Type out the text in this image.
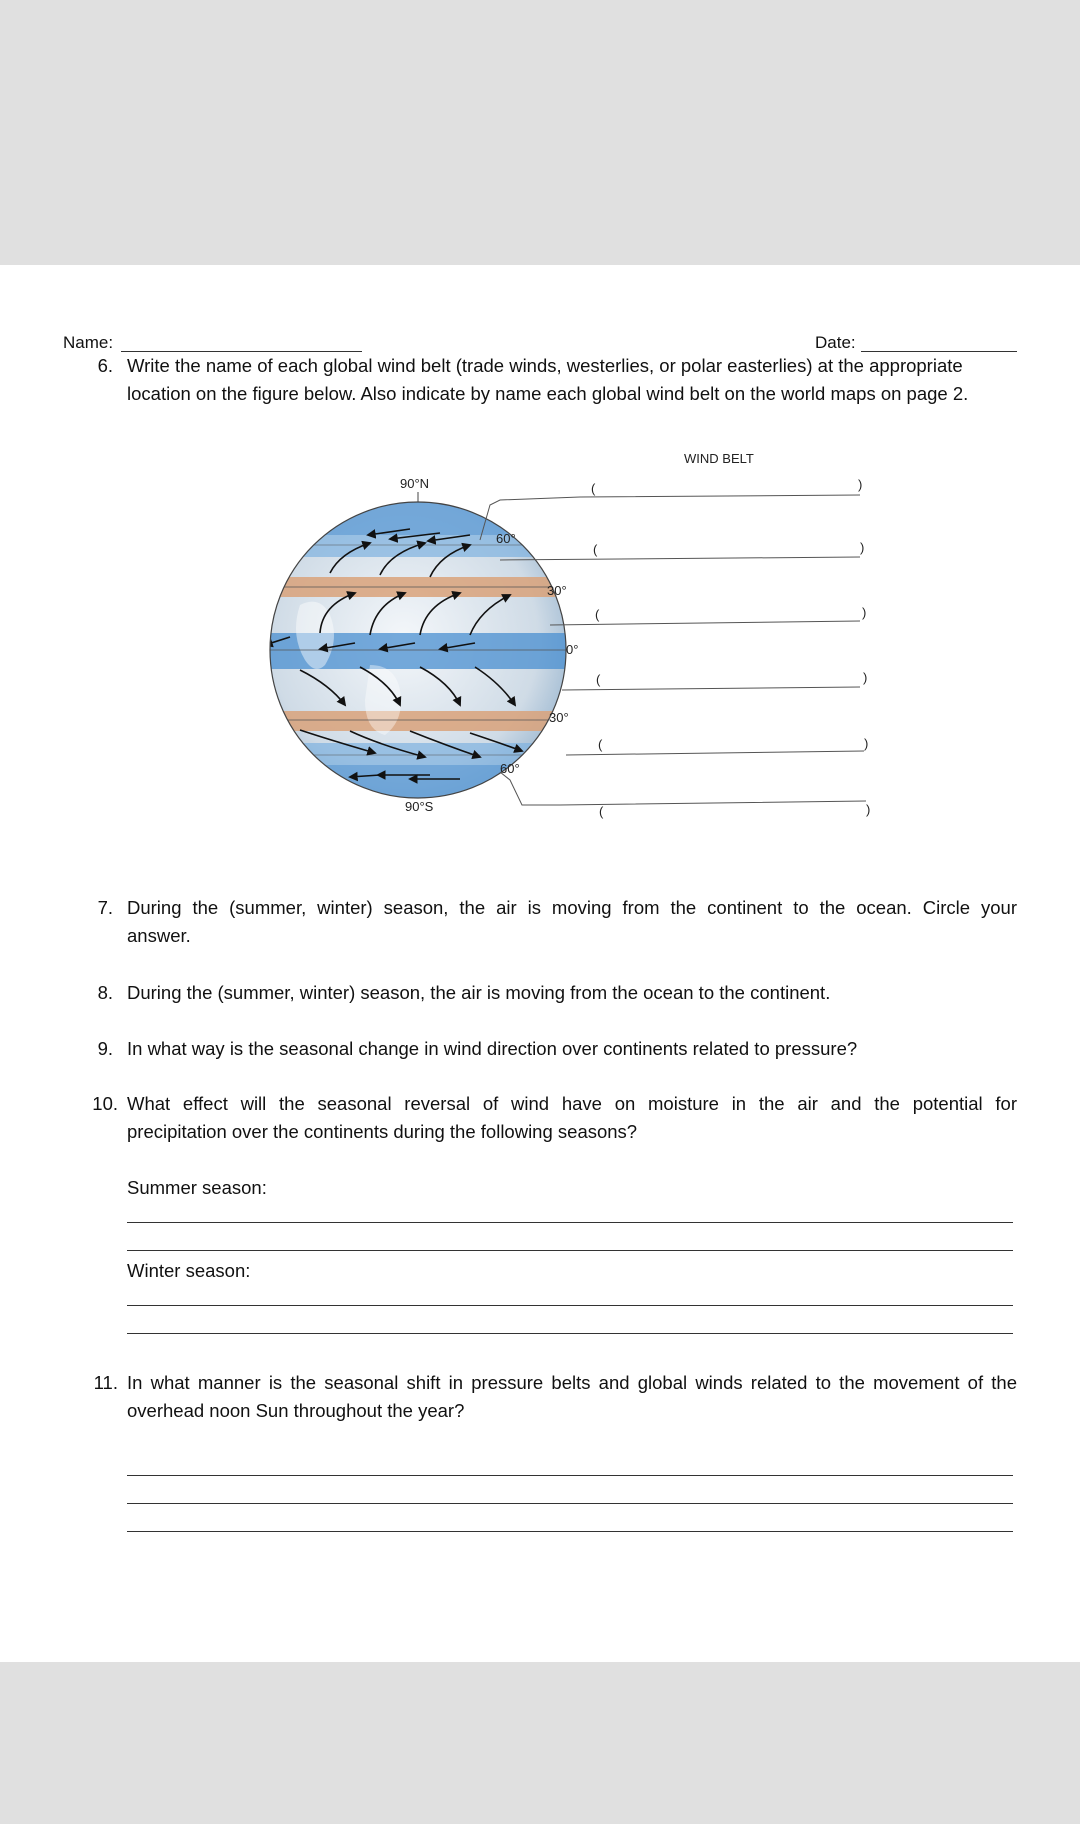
Name:	Date:
6. Write the name of each global wind belt (trade winds, westerlies, or polar easterlies) at the appropriate
location on the figure below. Also indicate by name each global wind belt on the world maps on page 2.
90°N
60°
30°
0°
30°
60°
90°S
WIND BELT
(	)
(	)
(	)
(	)
(	)
(	)
7. During the (summer, winter) season, the air is moving from the continent to the ocean. Circle your
answer.
8. During the (summer, winter) season, the air is moving from the ocean to the continent.
9. In what way is the seasonal change in wind direction over continents related to pressure?
10. What effect will the seasonal reversal of wind have on moisture in the air and the potential for
precipitation over the continents during the following seasons?
Summer season:
Winter season:
11. In what manner is the seasonal shift in pressure belts and global winds related to the movement of the
overhead noon Sun throughout the year?
